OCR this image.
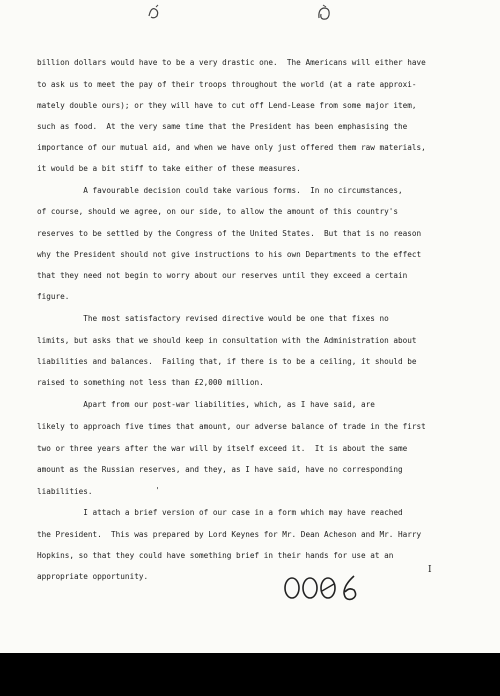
billion dollars would have to be a very drastic one.  The Americans will either have
to ask us to meet the pay of their troops throughout the world (at a rate approxi-
mately double ours); or they will have to cut off Lend-Lease from some major item,
such as food.  At the very same time that the President has been emphasising the
importance of our mutual aid, and when we have only just offered them raw materials,
it would be a bit stiff to take either of these measures.
A favourable decision could take various forms.  In no circumstances,
of course, should we agree, on our side, to allow the amount of this country's
reserves to be settled by the Congress of the United States.  But that is no reason
why the President should not give instructions to his own Departments to the effect
that they need not begin to worry about our reserves until they exceed a certain
figure.
The most satisfactory revised directive would be one that fixes no
limits, but asks that we should keep in consultation with the Administration about
liabilities and balances.  Failing that, if there is to be a ceiling, it should be
raised to something not less than £2,000 million.
Apart from our post-war liabilities, which, as I have said, are
likely to approach five times that amount, our adverse balance of trade in the first
two or three years after the war will by itself exceed it.  It is about the same
amount as the Russian reserves, and they, as I have said, have no corresponding
liabilities.	'
I attach a brief version of our case in a form which may have reached
the President.  This was prepared by Lord Keynes for Mr. Dean Acheson and Mr. Harry
Hopkins, so that they could have something brief in their hands for use at an
appropriate opportunity.
I
